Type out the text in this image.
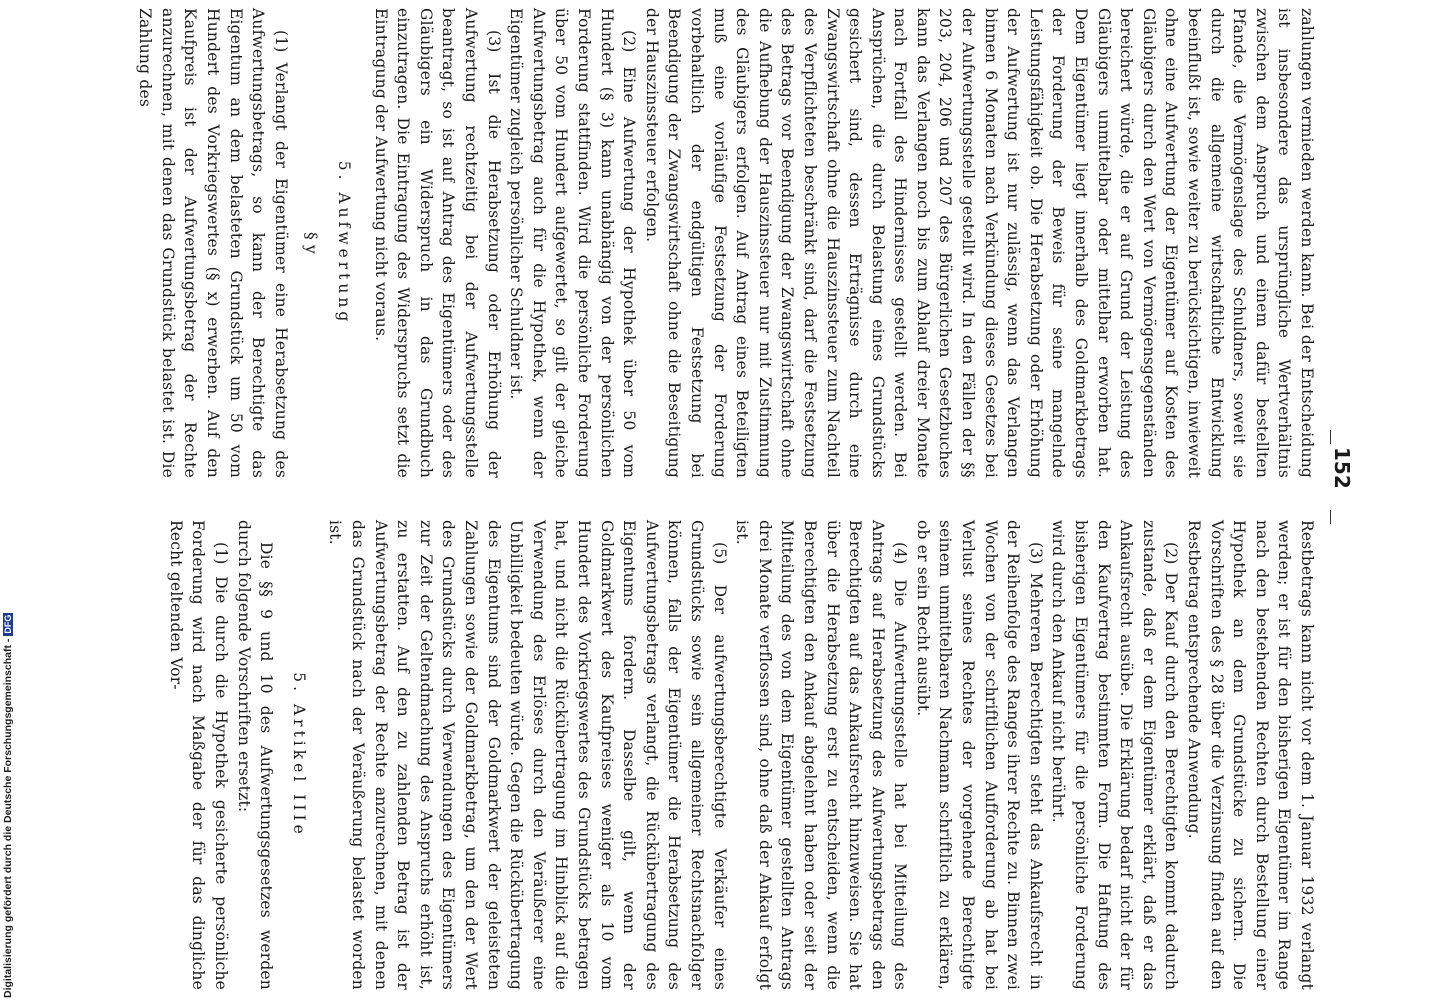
152

zahlungen vermieden werden kann. Bei der Entscheidung ist insbesondere das ursprüngliche Wertverhältnis zwischen dem Anspruch und einem dafür bestellten Pfande, die Vermögenslage des Schuldners, soweit sie durch die allgemeine wirtschaftliche Entwicklung beeinflußt ist, sowie weiter zu berücksichtigen, inwieweit ohne eine Aufwertung der Eigentümer auf Kosten des Gläubigers durch den Wert von Vermögensgegenständen bereichert würde, die er auf Grund der Leistung des Gläubigers unmittelbar oder mittelbar erworben hat. Dem Eigentümer liegt innerhalb des Goldmarkbetrags der Forderung der Beweis für seine mangelnde Leistungsfähigkeit ob. Die Herabsetzung oder Erhöhung der Aufwertung ist nur zulässig, wenn das Verlangen binnen 6 Monaten nach Verkündung dieses Gesetzes bei der Aufwertungsstelle gestellt wird. In den Fällen der §§ 203, 204, 206 und 207 des Bürgerlichen Gesetzbuches kann das Verlangen noch bis zum Ablauf dreier Monate nach Fortfall des Hindernisses gestellt werden. Bei Ansprüchen, die durch Belastung eines Grundstücks gesichert sind, dessen Erträgnisse durch eine Zwangswirtschaft ohne die Hauszinssteuer zum Nachteil des Verpflichteten beschränkt sind, darf die Festsetzung des Betrags vor Beendigung der Zwangswirtschaft ohne die Aufhebung der Hauszinssteuer nur mit Zustimmung des Gläubigers erfolgen. Auf Antrag eines Beteiligten muß eine vorläufige Festsetzung der Forderung vorbehaltlich der endgültigen Festsetzung bei Beendigung der Zwangswirtschaft ohne die Beseitigung der Hauszinssteuer erfolgen.

(2) Eine Aufwertung der Hypothek über 50 vom Hundert (§ 3) kann unabhängig von der persönlichen Forderung stattfinden. Wird die persönliche Forderung über 50 vom Hundert aufgewertet, so gilt der gleiche Aufwertungsbetrag auch für die Hypothek, wenn der Eigentümer zugleich persönlicher Schuldner ist.

(3) Ist die Herabsetzung oder Erhöhung der Aufwertung rechtzeitig bei der Aufwertungsstelle beantragt, so ist auf Antrag des Eigentümers oder des Gläubigers ein Widerspruch in das Grundbuch einzutragen. Die Eintragung des Widerspruchs setzt die Eintragung der Aufwertung nicht voraus.

5. Aufwertung
§ y

(1) Verlangt der Eigentümer eine Herabsetzung des Aufwertungsbetrags, so kann der Berechtigte das Eigentum an dem belasteten Grundstück um 50 vom Hundert des Vorkriegswertes (§ x) erwerben. Auf den Kaufpreis ist der Aufwertungsbetrag der Rechte anzurechnen, mit denen das Grundstück belastet ist. Die Zahlung des

Restbetrags kann nicht vor dem 1. Januar 1932 verlangt werden; er ist für den bisherigen Eigentümer im Range nach den bestehenden Rechten durch Bestellung einer Hypothek an dem Grundstücke zu sichern. Die Vorschriften des § 28 über die Verzinsung finden auf den Restbetrag entsprechende Anwendung.

(2) Der Kauf durch den Berechtigten kommt dadurch zustande, daß er dem Eigentümer erklärt, daß er das Ankaufsrecht ausübe. Die Erklärung bedarf nicht der für den Kaufvertrag bestimmten Form. Die Haftung des bisherigen Eigentümers für die persönliche Forderung wird durch den Ankauf nicht berührt.

(3) Mehreren Berechtigten steht das Ankaufsrecht in der Reihenfolge des Ranges ihrer Rechte zu. Binnen zwei Wochen von der schriftlichen Aufforderung ab hat bei Verlust seines Rechtes der vorgehende Berechtigte seinem unmittelbaren Nachmann schriftlich zu erklären, ob er sein Recht ausübt.

(4) Die Aufwertungsstelle hat bei Mitteilung des Antrags auf Herabsetzung des Aufwertungsbetrags den Berechtigten auf das Ankaufsrecht hinzuweisen. Sie hat über die Herabsetzung erst zu entscheiden, wenn die Berechtigten den Ankauf abgelehnt haben oder seit der Mitteilung des von dem Eigentümer gestellten Antrags drei Monate verflossen sind, ohne daß der Ankauf erfolgt ist.

(5) Der aufwertungsberechtigte Verkäufer eines Grundstücks sowie sein allgemeiner Rechtsnachfolger können, falls der Eigentümer die Herabsetzung des Aufwertungsbetrags verlangt, die Rückübertragung des Eigentums fordern. Dasselbe gilt, wenn der Goldmarkwert des Kaufpreises weniger als 10 vom Hundert des Vorkriegswertes des Grundstücks betragen hat, und nicht die Rückübertragung im Hinblick auf die Verwendung des Erlöses durch den Veräußerer eine Unbilligkeit bedeuten würde. Gegen die Rückübertragung des Eigentums sind der Goldmarkwert der geleisteten Zahlungen sowie der Goldmarkbetrag, um den der Wert des Grundstücks durch Verwendungen des Eigentümers zur Zeit der Geltendmachung des Anspruchs erhöht ist, zu erstatten. Auf den zu zahlenden Betrag ist der Aufwertungsbetrag der Rechte anzurechnen, mit denen das Grundstück nach der Veräußerung belastet worden ist.

5. Artikel IIIe

Die §§ 9 und 10 des Aufwertungsgesetzes werden durch folgende Vorschriften ersetzt:

(1) Die durch die Hypothek gesicherte persönliche Forderung wird nach Maßgabe der für das dingliche Recht geltenden Vor-

Digitalisierung gefördert durch die Deutsche Forschungsgemeinschaft -DFG
